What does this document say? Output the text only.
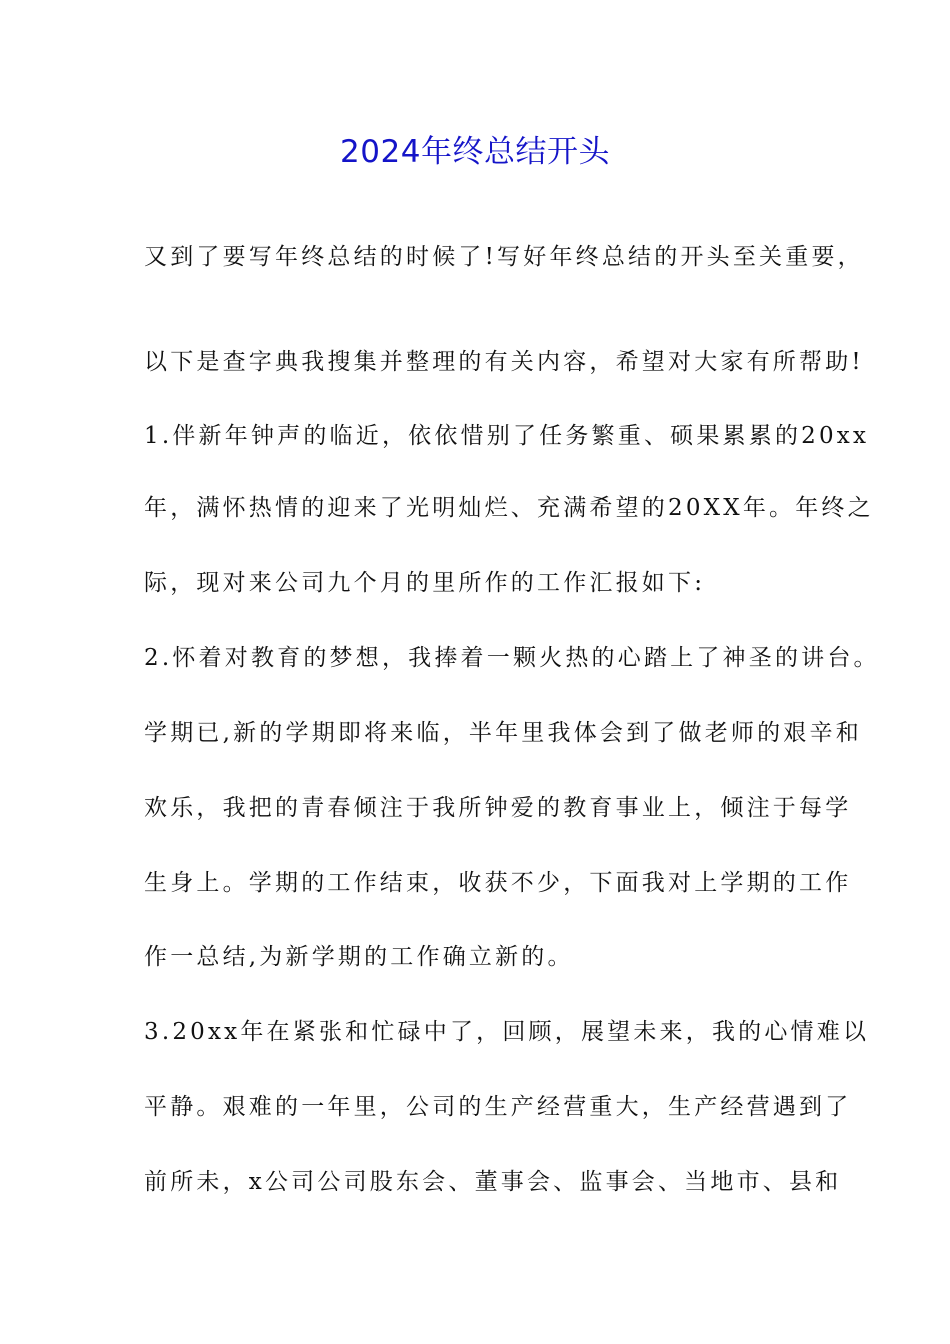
2024年终总结开头
又到了要写年终总结的时候了!写好年终总结的开头至关重要，
以下是查字典我搜集并整理的有关内容，希望对大家有所帮助!
1.伴新年钟声的临近，依依惜别了任务繁重、硕果累累的20xx
年，满怀热情的迎来了光明灿烂、充满希望的20XX年。年终之
际，现对来公司九个月的里所作的工作汇报如下:
2.怀着对教育的梦想，我捧着一颗火热的心踏上了神圣的讲台。
学期已,新的学期即将来临，半年里我体会到了做老师的艰辛和
欢乐，我把的青春倾注于我所钟爱的教育事业上，倾注于每学
生身上。学期的工作结束，收获不少，下面我对上学期的工作
作一总结,为新学期的工作确立新的。
3.20xx年在紧张和忙碌中了，回顾，展望未来，我的心情难以
平静。艰难的一年里，公司的生产经营重大，生产经营遇到了
前所未，x公司公司股东会、董事会、监事会、当地市、县和
